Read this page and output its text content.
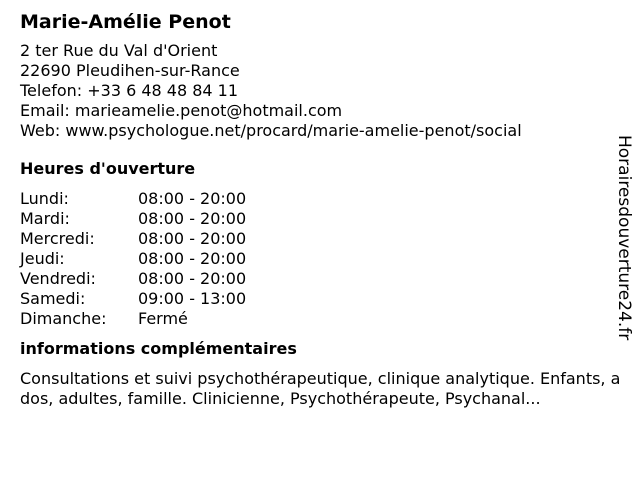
Marie-Amélie Penot
2 ter Rue du Val d'Orient
22690 Pleudihen-sur-Rance
Telefon: +33 6 48 48 84 11
Email: marieamelie.penot@hotmail.com
Web: www.psychologue.net/procard/marie-amelie-penot/social
Heures d'ouverture
Lundi:	08:00 - 20:00
Mardi:	08:00 - 20:00
Mercredi:	08:00 - 20:00
Jeudi:	08:00 - 20:00
Vendredi:	08:00 - 20:00
Samedi:	09:00 - 13:00
Dimanche:	Fermé
informations complémentaires
Consultations et suivi psychothérapeutique, clinique analytique. Enfants, ados, adultes, famille. Clinicienne, Psychothérapeute, Psychanal...
Horairesdouverture24.fr
